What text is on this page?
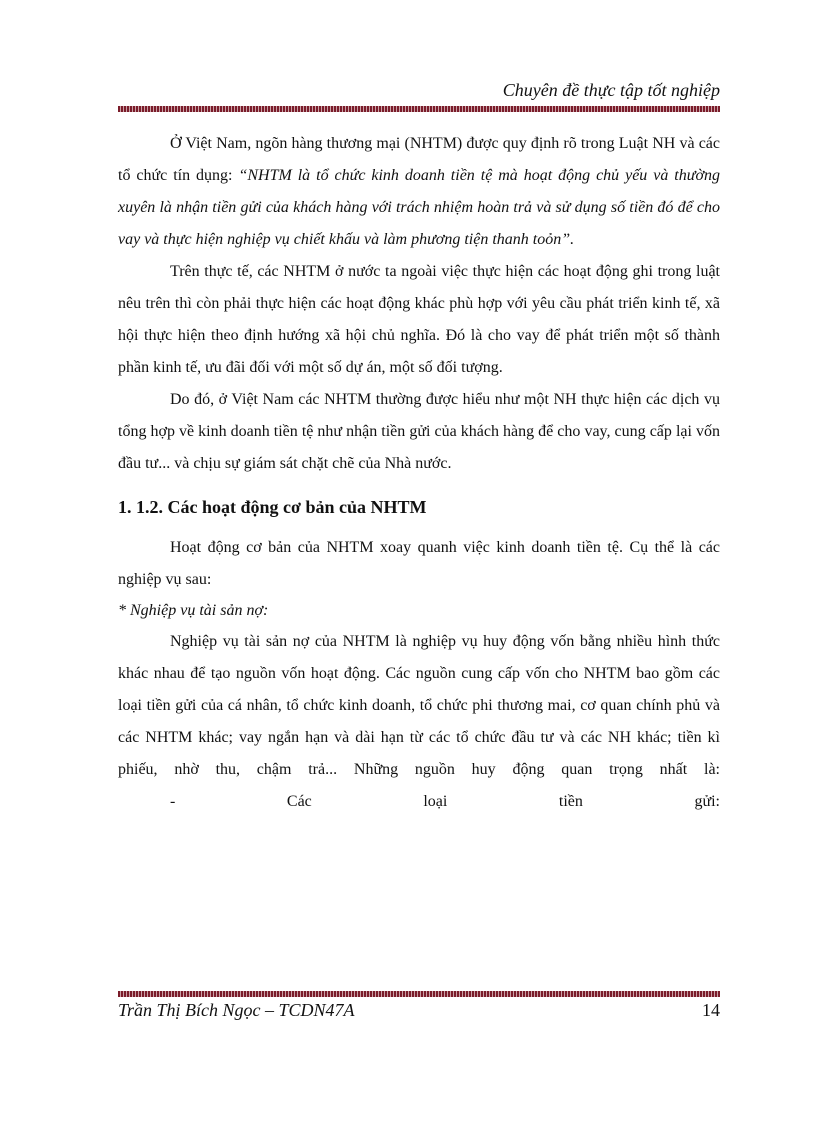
Chuyên đề thực tập tốt nghiệp

Ở Việt Nam, ngõn hàng thương mại (NHTM) được quy định rõ trong Luật NH và các tổ chức tín dụng: “NHTM là tổ chức kinh doanh tiền tệ mà hoạt động chủ yếu và thường xuyên là nhận tiền gửi của khách hàng với trách nhiệm hoàn trả và sử dụng số tiền đó để cho vay và thực hiện nghiệp vụ chiết khấu và làm phương tiện thanh toỏn”.

Trên thực tế, các NHTM ở nước ta ngoài việc thực hiện các hoạt động ghi trong luật nêu trên thì còn phải thực hiện các hoạt động khác phù hợp với yêu cầu phát triển kinh tế, xã hội thực hiện theo định hướng xã hội chủ nghĩa. Đó là cho vay để phát triển một số thành phần kinh tế, ưu đãi đối với một số dự án, một số đối tượng.

Do đó, ở Việt Nam các NHTM thường được hiểu như một NH thực hiện các dịch vụ tổng hợp về kinh doanh tiền tệ như nhận tiền gửi của khách hàng để cho vay, cung cấp lại vốn đầu tư... và chịu sự giám sát chặt chẽ của Nhà nước.

1. 1.2. Các hoạt động cơ bản của NHTM

Hoạt động cơ bản của NHTM xoay quanh việc kinh doanh tiền tệ. Cụ thể là các nghiệp vụ sau:

* Nghiệp vụ tài sản nợ:

Nghiệp vụ tài sản nợ của NHTM là nghiệp vụ huy động vốn bằng nhiều hình thức khác nhau để tạo nguồn vốn hoạt động. Các nguồn cung cấp vốn cho NHTM bao gồm các loại tiền gửi của cá nhân, tổ chức kinh doanh, tổ chức phi thương mai, cơ quan chính phủ và các NHTM khác; vay ngắn hạn và dài hạn từ các tổ chức đầu tư và các NH khác; tiền kì phiếu, nhờ thu, chậm trả... Những nguồn huy động quan trọng nhất là:

- Các loại tiền gửi:

Trần Thị Bích Ngọc – TCDN47A	14
